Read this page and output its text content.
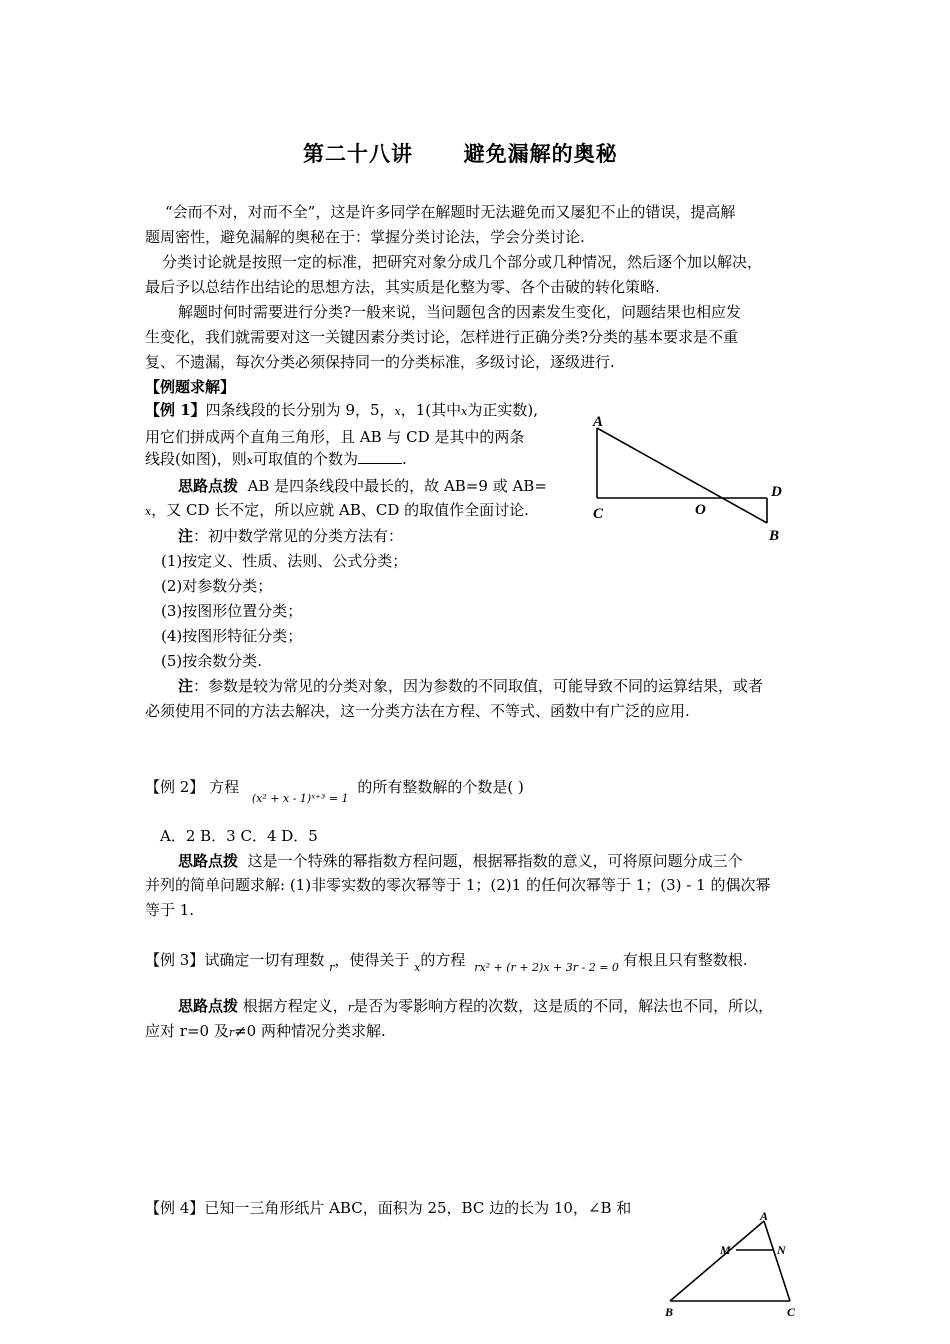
第二十八讲 避免漏解的奥秘
“会而不对，对而不全”，这是许多同学在解题时无法避免而又屡犯不止的错误，提高解
题周密性，避免漏解的奥秘在于：掌握分类讨论法，学会分类讨论.
分类讨论就是按照一定的标准，把研究对象分成几个部分或几种情况，然后逐个加以解决，
最后予以总结作出结论的思想方法，其实质是化整为零、各个击破的转化策略.
解题时何时需要进行分类?一般来说，当问题包含的因素发生变化，问题结果也相应发
生变化，我们就需要对这一关键因素分类讨论，怎样进行正确分类?分类的基本要求是不重
复、不遗漏，每次分类必须保持同一的分类标准，多级讨论，逐级进行.
【例题求解】
【例 1】四条线段的长分别为 9，5，x，1(其中x为正实数),
用它们拼成两个直角三角形，且 AB 与 CD 是其中的两条
线段(如图)，则x可取值的个数为	.
思路点拨 AB 是四条线段中最长的，故 AB=9 或 AB=
x，又 CD 长不定，所以应就 AB、CD 的取值作全面讨论.
注：初中数学常见的分类方法有：
(1)按定义、性质、法则、公式分类；
(2)对参数分类；
(3)按图形位置分类；
(4)按图形特征分类；
(5)按余数分类.
注：参数是较为常见的分类对象，因为参数的不同取值，可能导致不同的运算结果，或者
必须使用不同的方法去解决，这一分类方法在方程、不等式、函数中有广泛的应用.
A
C	O
D
B
【例 2】 方程 $_{(x^2 + x - 1)ˣ^{+3} = 1}$ 的所有整数解的个数是( )
A．2 B．3 C．4 D．5
思路点拨 这是一个特殊的幂指数方程问题，根据幂指数的意义，可将原问题分成三个
并列的简单问题求解: (1)非零实数的零次幂等于 1；(2)1 的任何次幂等于 1；(3) - 1 的偶次幂
等于 1.
【例 3】试确定一切有理数 $_r$，使得关于 $_x$的方程 $_{rx^2 + (r + 2)x + 3r - 2 = 0}$ 有根且只有整数根.
思路点拨 根据方程定义，r是否为零影响方程的次数，这是质的不同，解法也不同，所以，
应对 r=0 及r≠0 两种情况分类求解.
【例 4】已知一三角形纸片 ABC，面积为 25，BC 边的长为 10，∠B 和	A
M	N
B	C
